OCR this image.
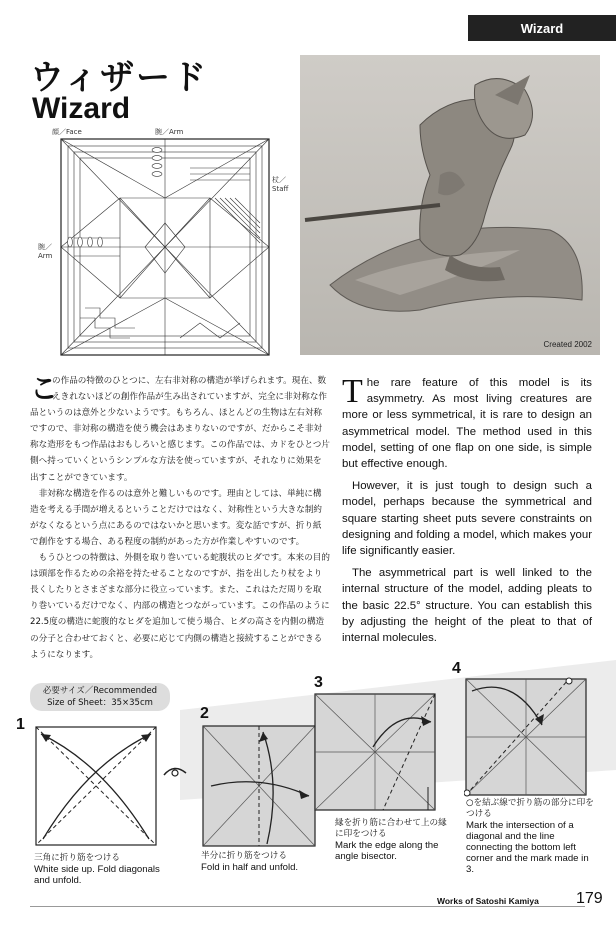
Wizard
ウィザード
Wizard
顔／Face	腕／Arm
杖／
Staff
腕／
Arm
Created 2002
こ

の作品の特徴のひとつに、左右非対称の構造が挙げられます。現在、数えきれないほどの創作作品が生み出されていますが、完全に非対称な作品というのは意外と少ないようです。もちろん、ほとんどの生物は左右対称ですので、非対称の構造を使う機会はあまりないのですが、だからこそ非対称な造形をもつ作品はおもしろいと感じます。この作品では、カドをひとつ片側へ持っていくというシンプルな方法を使っていますが、それなりに効果を出すことができています。

非対称な構造を作るのは意外と難しいものです。理由としては、単純に構造を考える手間が増えるということだけではなく、対称性という大きな制約がなくなるという点にあるのではないかと思います。変な話ですが、折り紙で創作をする場合、ある程度の制約があった方が作業しやすいのです。

もうひとつの特徴は、外側を取り巻いている蛇腹状のヒダです。本来の目的は頭部を作るための余裕を持たせることなのですが、指を出したり杖をより長くしたりとさまざまな部分に役立っています。また、これはただ周りを取り巻いているだけでなく、内部の構造とつながっています。この作品のように22.5度の構造に蛇腹的なヒダを追加して使う場合、ヒダの高さを内側の構造の分子と合わせておくと、必要に応じて内側の構造と接続することができるようになります。

T he rare feature of this model is its asymmetry. As most living creatures are more or less symmetrical, it is rare to design an asymmetrical model. The method used in this model, setting of one flap on one side, is simple but effective enough.

However, it is just tough to design such a model, perhaps because the symmetrical and square starting sheet puts severe constraints on designing and folding a model, which makes your life significantly easier.

The asymmetrical part is well linked to the internal structure of the model, adding pleats to the basic 22.5° structure. You can establish this by adjusting the height of the pleat to that of internal molecules.

必要サイズ／Recommended
Size of Sheet：35×35cm
1
三角に折り筋をつける
White side up. Fold diagonals and unfold.
2
半分に折り筋をつける
Fold in half and unfold.
3
縁を折り筋に合わせて上の縁に印をつける
Mark the edge along the angle bisector.
4
○を結ぶ線で折り筋の部分に印をつける
Mark the intersection of a diagonal and the line connecting the bottom left corner and the mark made in 3.
Works of Satoshi Kamiya 179
